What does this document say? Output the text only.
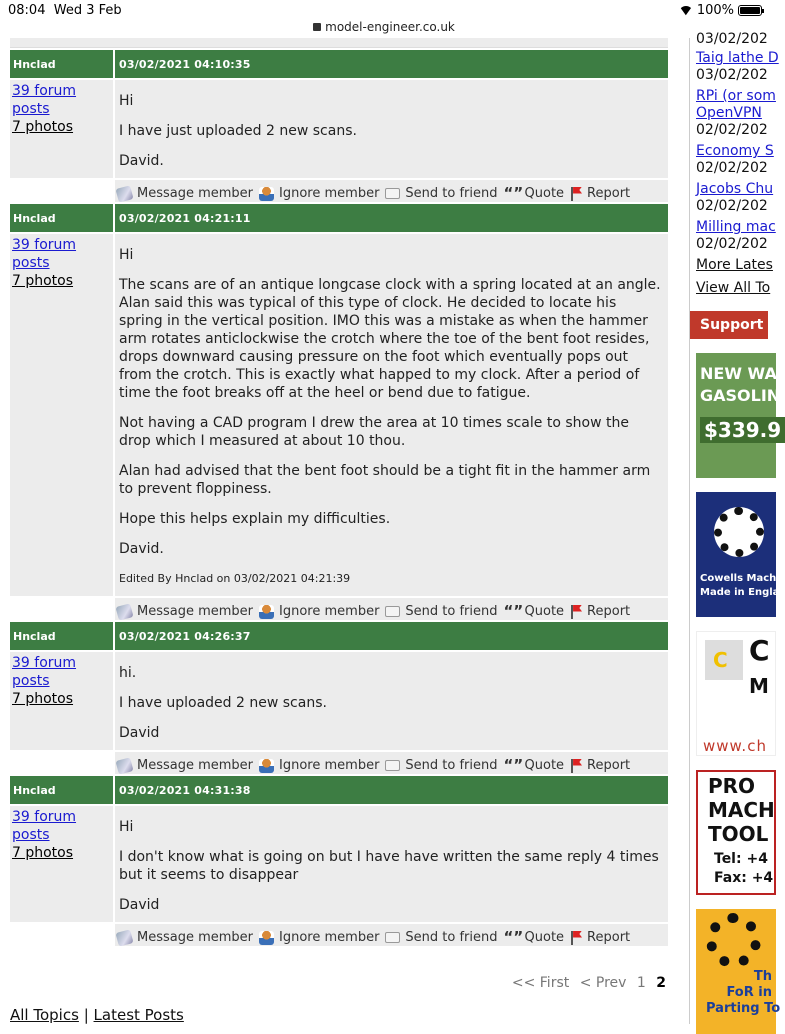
08:04 Wed 3 Feb	100%
model-engineer.co.uk
Hnclad	03/02/2021 04:10:35
39 forum posts
7 photos

Hi

I have just uploaded 2 new scans.

David.

Message member Ignore member Send to friend “” Quote Report
Hnclad	03/02/2021 04:21:11
39 forum posts
7 photos

Hi

The scans are of an antique longcase clock with a spring located at an angle. Alan said this was typical of this type of clock. He decided to locate his spring in the vertical position. IMO this was a mistake as when the hammer arm rotates anticlockwise the crotch where the toe of the bent foot resides, drops downward causing pressure on the foot which eventually pops out from the crotch. This is exactly what happed to my clock. After a period of time the foot breaks off at the heel or bend due to fatigue.

Not having a CAD program I drew the area at 10 times scale to show the drop which I measured at about 10 thou.

Alan had advised that the bent foot should be a tight fit in the hammer arm to prevent floppiness.

Hope this helps explain my difficulties.

David.

Edited By Hnclad on 03/02/2021 04:21:39

Message member Ignore member Send to friend “” Quote Report
Hnclad	03/02/2021 04:26:37
39 forum posts
7 photos

hi.

I have uploaded 2 new scans.

David

Message member Ignore member Send to friend “” Quote Report
Hnclad	03/02/2021 04:31:38
39 forum posts
7 photos

Hi

I don't know what is going on but I have have written the same reply 4 times but it seems to disappear

David

Message member Ignore member Send to friend “” Quote Report
<< First < Prev 1 2
All Topics | Latest Posts
03/02/202
Taig lathe D
03/02/202
RPi (or som
OpenVPN
02/02/202
Economy S
02/02/202
Jacobs Chu
02/02/202
Milling mac
02/02/202
More Lates
View All To
Support O
NEW WA
GASOLIN
$339.9
Cowells Mach
Made in Engla
C
C
M
www.ch
PRO
MACH
TOOL
Tel: +4
Fax: +4
Th
FoR in
Parting To
